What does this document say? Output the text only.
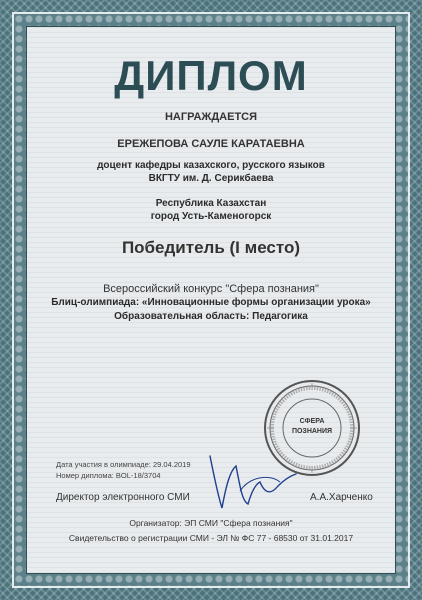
ДИПЛОМ
НАГРАЖДАЕТСЯ
ЕРЕЖЕПОВА САУЛЕ КАРАТАЕВНА
доцент кафедры казахского, русского языков
ВКГТУ им. Д. Серикбаева
Республика Казахстан
город Усть-Каменогорск
Победитель (I место)
Всероссийский конкурс "Сфера познания"
Блиц-олимпиада: «Инновационные формы организации урока»
Образовательная область: Педагогика
СФЕРА
ПОЗНАНИЯ
Дата участия в олимпиаде: 29.04.2019
Номер диплома: BOL-18/3704
Директор электронного СМИ	А.А.Харченко
Организатор: ЭП СМИ "Сфера познания"
Свидетельство о регистрации СМИ - ЭЛ № ФС 77 - 68530 от 31.01.2017
